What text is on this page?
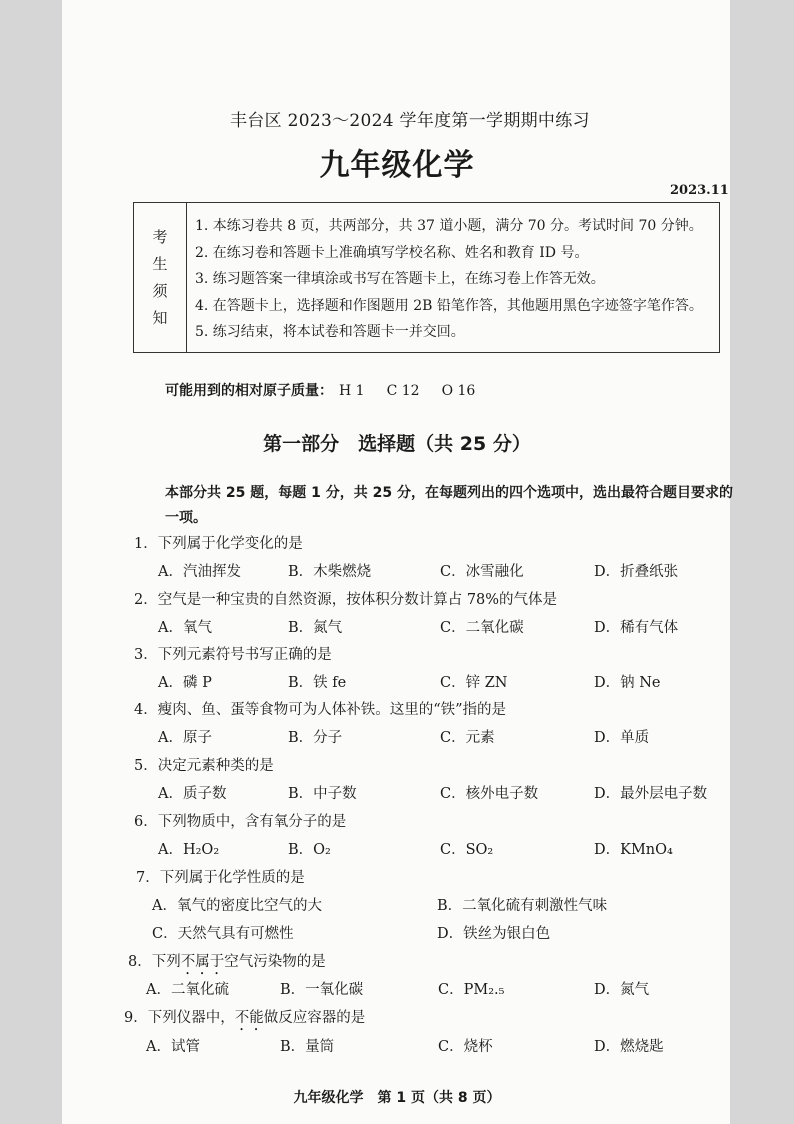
丰台区 2023～2024 学年度第一学期期中练习
九年级化学
2023.11
考
生
须
知
1. 本练习卷共 8 页，共两部分，共 37 道小题，满分 70 分。考试时间 70 分钟。
2. 在练习卷和答题卡上准确填写学校名称、姓名和教育 ID 号。
3. 练习题答案一律填涂或书写在答题卡上，在练习卷上作答无效。
4. 在答题卡上，选择题和作图题用 2B 铅笔作答，其他题用黑色字迹签字笔作答。
5. 练习结束，将本试卷和答题卡一并交回。
可能用到的相对原子质量： H 1 C 12 O 16
第一部分　选择题（共 25 分）
本部分共 25 题，每题 1 分，共 25 分，在每题列出的四个选项中，选出最符合题目要求的一项。
1．下列属于化学变化的是
A．汽油挥发	B．木柴燃烧	C．冰雪融化	D．折叠纸张
2．空气是一种宝贵的自然资源，按体积分数计算占 78%的气体是
A．氧气	B．氮气	C．二氧化碳	D．稀有气体
3．下列元素符号书写正确的是
A．磷 P	B．铁 fe	C．锌 ZN	D．钠 Ne
4．瘦肉、鱼、蛋等食物可为人体补铁。这里的“铁”指的是
A．原子	B．分子	C．元素	D．单质
5．决定元素种类的是
A．质子数	B．中子数	C．核外电子数	D．最外层电子数
6．下列物质中，含有氧分子的是
A．H₂O₂	B．O₂	C．SO₂	D．KMnO₄
7．下列属于化学性质的是
A．氧气的密度比空气的大	B．二氧化硫有刺激性气味
C．天然气具有可燃性	D．铁丝为银白色
8．下列不属于空气污染物的是
A．二氧化硫	B．一氧化碳	C．PM₂.₅	D．氮气
9．下列仪器中，不能做反应容器的是
A．试管	B．量筒	C．烧杯	D．燃烧匙
九年级化学　第 1 页（共 8 页）
